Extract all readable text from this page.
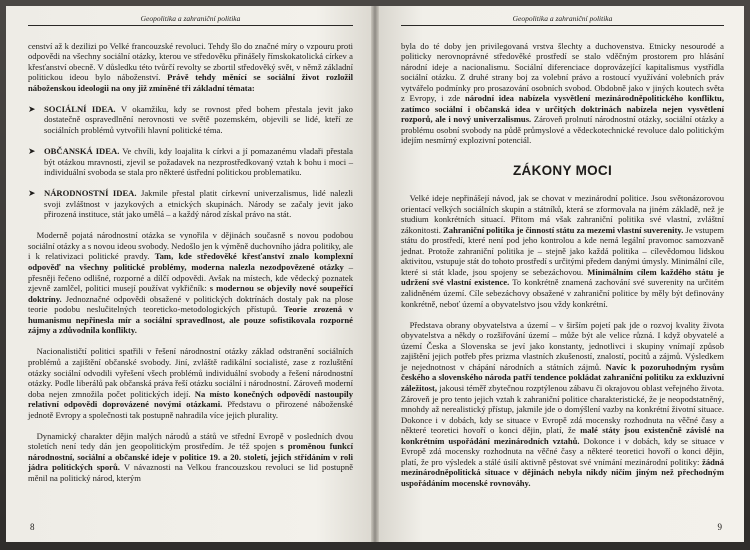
Geopolitika a zahraniční politika

cenství až k dezilizi po Velké francouzské revoluci. Tehdy šlo do značné míry o vzpouru proti odpovědi na všechny sociální otázky, kterou ve středověku přinášely římskokatolická církev a křesťanství obecně. V důsledku této tvůrčí revolty se zbortil středověký svět, v němž základní politickou ideou bylo náboženství. Právě tehdy měnící se sociální život rozložil náboženskou ideologii na ony již zmíněné tři základní témata:

➤ SOCIÁLNÍ IDEA. V okamžiku, kdy se rovnost před bohem přestala jevit jako dostatečně ospravedlnění nerovnosti ve světě pozemském, objevili se lidé, kteří ze sociálních problémů vytvořili hlavní politické téma.

➤ OBČANSKÁ IDEA. Ve chvíli, kdy loajalita k církvi a jí pomazanému vladaři přestala být otázkou mravnosti, zjevil se požadavek na nezprostředkovaný vztah k bohu i moci – individuální svoboda se stala pro některé ústřední politickou problematiku.

➤ NÁRODNOSTNÍ IDEA. Jakmile přestal platit církevní univerzalismus, lidé nalezli svoji zvláštnost v jazykových a etnických skupinách. Národy se začaly jevit jako přirozená instituce, stát jako umělá – a každý národ získal právo na stát.

 Moderně pojatá národnostní otázka se vynořila v dějinách současně s novou podobou sociální otázky a s novou ideou svobody. Nedošlo jen k výměně duchovního jádra politiky, ale i k relativizaci politické pravdy. Tam, kde středověké křesťanství znalo komplexní odpověď na všechny politické problémy, moderna nalezla nezodpovězené otázky – přesněji řečeno odlišné, rozporné a dílčí odpovědi. Avšak na místech, kde vědecký poznatek zjevně zamlčel, politici musejí používat vykřičník: s modernou se objevily nové soupeřící doktríny. Jednoznačné odpovědi obsažené v politických doktrínách dostaly pak na plose teorie podobu neslučitelných teoreticko-metodologických přístupů. Teorie zrozená v humanismu nepřinesla mír a sociální spravedlnost, ale pouze sofistikovala rozporné zájmy a zdůvodnila konflikty.

 Nacionalističtí politici spatřili v řešení národnostní otázky základ odstranění sociálních problémů a zajištění občanské svobody. Jiní, zvláště radikální socialisté, zase z rozluštění otázky sociální odvodili vyřešení všech problémů individuální svobody a řešení národnostní otázky. Podle liberálů pak občanská práva řeší otázku sociální i národnostní. Zároveň moderní doba nejen zmnožila počet politických idejí. Na místo konečných odpovědí nastoupily relativní odpovědi doprovázené novými otázkami. Představu o přirozené náboženské jednotě Evropy a společnosti tak postupně nahradila více jejich plurality.

 Dynamický charakter dějin malých národů a států ve střední Evropě v posledních dvou stoletích není tedy dán jen geopolitickým prostředím. Je též spojen s proměnou funkcí národnostní, sociální a občanské ideje v politice 19. a 20. století, jejich střídáním v roli jádra politických sporů. V návaznosti na Velkou francouzskou revoluci se lid postupně měnil na politický národ, kterým

8
Geopolitika a zahraniční politika

byla do té doby jen privilegovaná vrstva šlechty a duchovenstva. Etnicky nesourodé a politicky nerovnoprávné středověké prostředí se stalo vděčným prostorem pro hlásání národní ideje a nacionalismu. Sociální diferenciace doprovázející kapitalismus vystřídla sociální otázku. Z druhé strany boj za volební právo a rostoucí využívání volebních práv vytvářelo podmínky pro prosazování osobních svobod. Obdobně jako v jiných koutech světa z Evropy, i zde národní idea nabízela vysvětlení mezinárodněpolitického konfliktu, zatímco sociální i občanská idea v určitých doktrinách nabízela nejen vysvětlení rozporů, ale i nový univerzalismus. Zároveň prolnutí národnostní otázky, sociální otázky a problému osobní svobody na půdě průmyslové a vědeckotechnické revoluce dalo politickým idejím nesmírný explozivní potenciál.

ZÁKONY MOCI

 Velké ideje nepřinášejí návod, jak se chovat v mezinárodní politice. Jsou světonázorovou orientací velkých sociálních skupin a státníků, která se zformovala na jiném základě, než je studium konkrétních situací. Přitom má však zahraniční politika své vlastní, zvláštní zákonitosti. Zahraniční politika je činností státu za mezemi vlastní suverenity. Je vstupem státu do prostředí, které není pod jeho kontrolou a kde nemá legální pravomoc samozvaně jednat. Protože zahraniční politika je – stejně jako každá politika – cílevědomou lidskou aktivitou, vstupuje stát do tohoto prostředí s určitými předem danými úmysly. Minimální cíle, které si stát klade, jsou spojeny se sebezáchovou. Minimálním cílem každého státu je udržení své vlastní existence. To konkrétně znamená zachování své suverenity na určitém zalidněném území. Cíle sebezáchovy obsažené v zahraniční politice by měly být definovány konkrétně, neboť území a obyvatelstvo jsou vždy konkrétní.

 Představa obrany obyvatelstva a území – v širším pojetí pak jde o rozvoj kvality života obyvatelstva a někdy o rozšiřování území – může být ale velice různá. I když obyvatelé a území Česka a Slovenska se jeví jako konstanty, jednotlivci i skupiny vnímají způsob zajištění jejich potřeb přes prizma vlastních zkušeností, znalostí, pocitů a zájmů. Výsledkem je nejednotnost v chápání národních a státních zájmů. Navíc k pozoruhodným rysům českého a slovenského národa patří tendence pokládat zahraniční politiku za exkluzivní záležitost, jakousi téměř zbytečnou rozptýlenou zábavu či okrajovou oblast veřejného života. Zároveň je pro tento jejich vztah k zahraniční politice charakteristické, že je neopodstatněný, mnohdy až nerealistický přístup, jakmile jde o domýšlení vazby na konkrétní životní situace. Dokonce i v dobách, kdy se situace v Evropě zdá mocensky rozhodnuta na věčné časy a některé teoretici hovoří o konci dějin, platí, že malé státy jsou existenčně závislé na konkrétním uspořádání mezinárodních vztahů. Dokonce i v dobách, kdy se situace v Evropě zdá mocensky rozhodnuta na věčné časy a některé teoretici hovoří o konci dějin, platí, že pro výsledek a stálé úsilí aktivně pěstovat své vnímání mezinárodní politiky: žádná mezinárodněpolitická situace v dějinách nebyla nikdy ničím jiným než přechodným uspořádáním mocenské rovnováhy.

9
